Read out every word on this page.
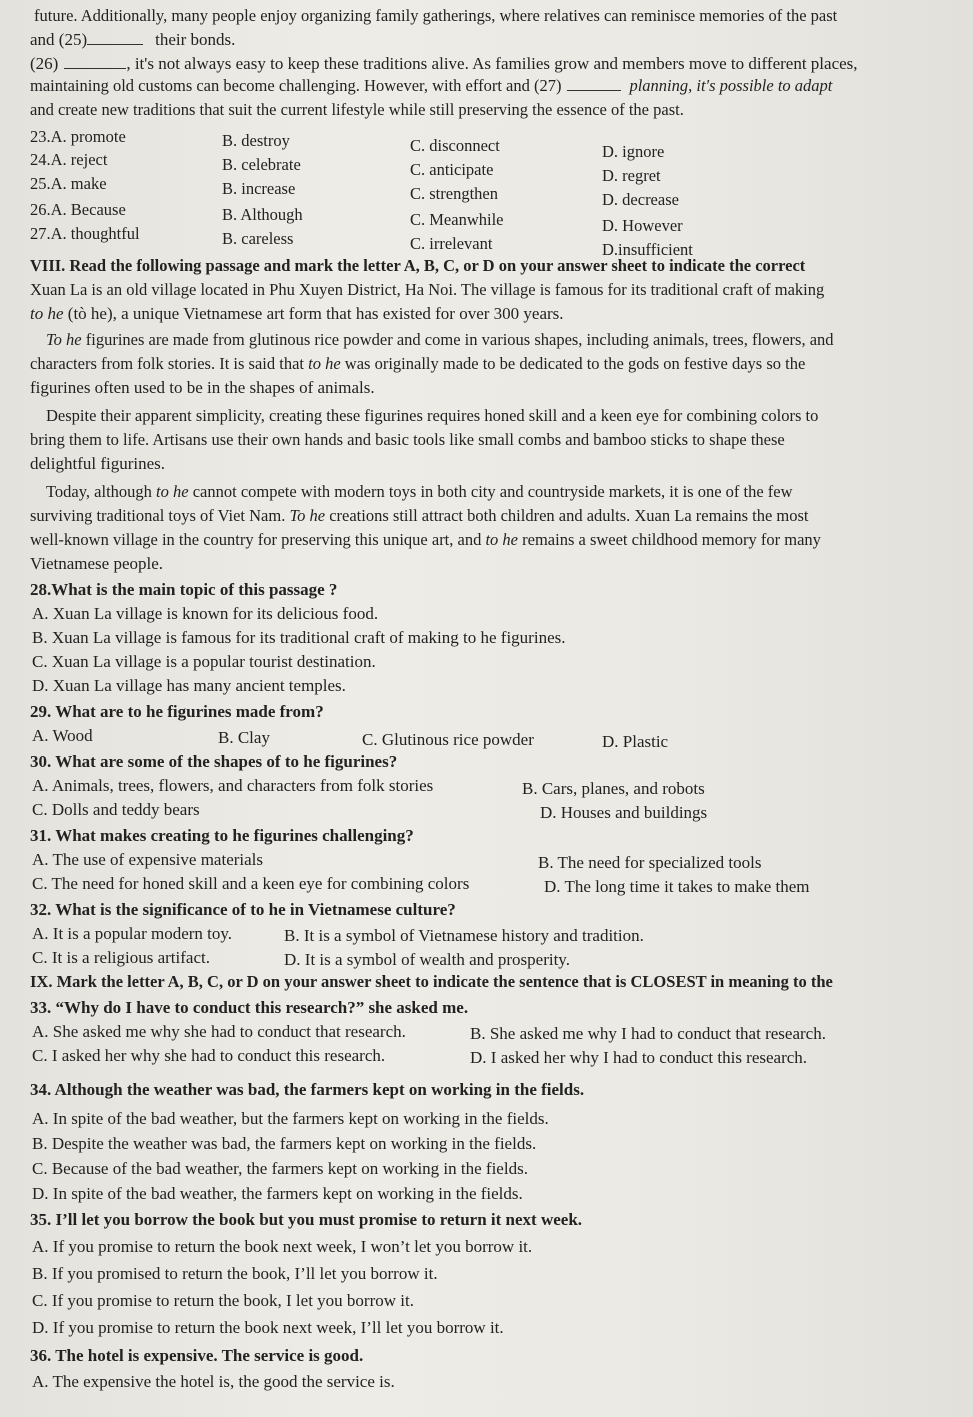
future. Additionally, many people enjoy organizing family gatherings, where relatives can reminisce memories of the past
and (25)	their bonds.
(26)	, it's not always easy to keep these traditions alive. As families grow and members move to different places,
maintaining old customs can become challenging. However, with effort and (27)	planning, it's possible to adapt
and create new traditions that suit the current lifestyle while still preserving the essence of the past.
23.A. promote	B. destroy	C. disconnect	D. ignore
24.A. reject	B. celebrate	C. anticipate	D. regret
25.A. make	B. increase	C. strengthen	D. decrease
26.A. Because	B. Although	C. Meanwhile	D. However
27.A. thoughtful	B. careless	C. irrelevant	D.insufficient
VIII. Read the following passage and mark the letter A, B, C, or D on your answer sheet to indicate the correct
Xuan La is an old village located in Phu Xuyen District, Ha Noi. The village is famous for its traditional craft of making
to he (tò he), a unique Vietnamese art form that has existed for over 300 years.
To he figurines are made from glutinous rice powder and come in various shapes, including animals, trees, flowers, and
characters from folk stories. It is said that to he was originally made to be dedicated to the gods on festive days so the
figurines often used to be in the shapes of animals.
Despite their apparent simplicity, creating these figurines requires honed skill and a keen eye for combining colors to
bring them to life. Artisans use their own hands and basic tools like small combs and bamboo sticks to shape these
delightful figurines.
Today, although to he cannot compete with modern toys in both city and countryside markets, it is one of the few
surviving traditional toys of Viet Nam. To he creations still attract both children and adults. Xuan La remains the most
well-known village in the country for preserving this unique art, and to he remains a sweet childhood memory for many
Vietnamese people.
28.What is the main topic of this passage ?
A. Xuan La village is known for its delicious food.
B. Xuan La village is famous for its traditional craft of making to he figurines.
C. Xuan La village is a popular tourist destination.
D. Xuan La village has many ancient temples.
29. What are to he figurines made from?
A. Wood	B. Clay	C. Glutinous rice powder	D. Plastic
30. What are some of the shapes of to he figurines?
A. Animals, trees, flowers, and characters from folk stories	B. Cars, planes, and robots
C. Dolls and teddy bears	D. Houses and buildings
31. What makes creating to he figurines challenging?
A. The use of expensive materials	B. The need for specialized tools
C. The need for honed skill and a keen eye for combining colors	D. The long time it takes to make them
32. What is the significance of to he in Vietnamese culture?
A. It is a popular modern toy.	B. It is a symbol of Vietnamese history and tradition.
C. It is a religious artifact.	D. It is a symbol of wealth and prosperity.
IX. Mark the letter A, B, C, or D on your answer sheet to indicate the sentence that is CLOSEST in meaning to the
33. “Why do I have to conduct this research?” she asked me.
A. She asked me why she had to conduct that research.	B. She asked me why I had to conduct that research.
C. I asked her why she had to conduct this research.	D. I asked her why I had to conduct this research.
34. Although the weather was bad, the farmers kept on working in the fields.
A. In spite of the bad weather, but the farmers kept on working in the fields.
B. Despite the weather was bad, the farmers kept on working in the fields.
C. Because of the bad weather, the farmers kept on working in the fields.
D. In spite of the bad weather, the farmers kept on working in the fields.
35. I’ll let you borrow the book but you must promise to return it next week.
A. If you promise to return the book next week, I won’t let you borrow it.
B. If you promised to return the book, I’ll let you borrow it.
C. If you promise to return the book, I let you borrow it.
D. If you promise to return the book next week, I’ll let you borrow it.
36. The hotel is expensive. The service is good.
A. The expensive the hotel is, the good the service is.
